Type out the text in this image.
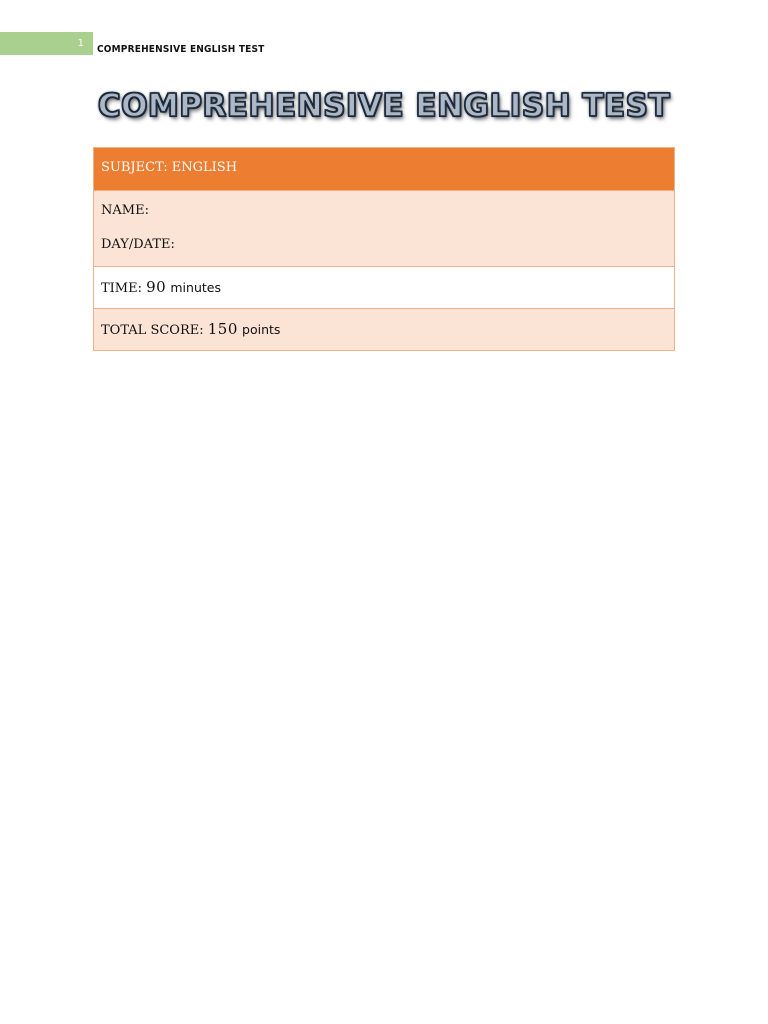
1
COMPREHENSIVE ENGLISH TEST
COMPREHENSIVE ENGLISH TEST
SUBJECT: ENGLISH
NAME:
DAY/DATE:
TIME: 90 minutes
TOTAL SCORE: 150 points
